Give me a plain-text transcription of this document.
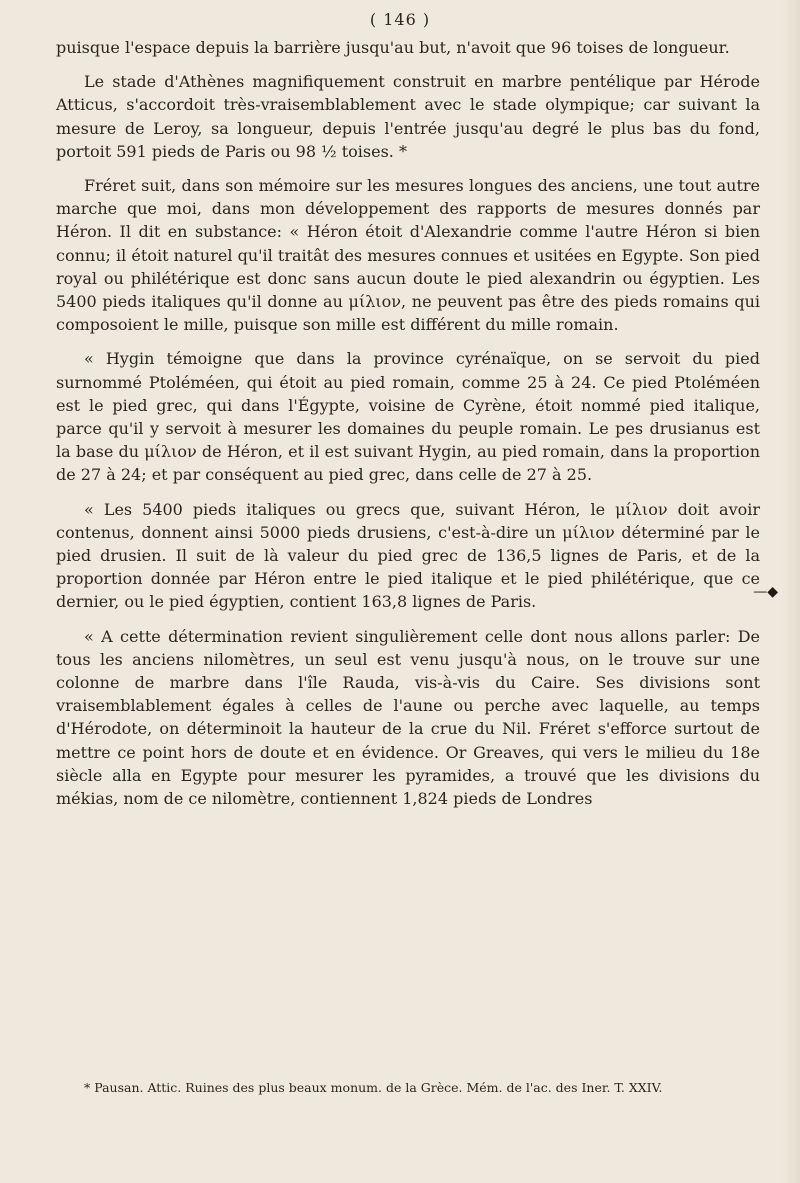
( 146 )

puisque l'espace depuis la barrière jusqu'au but, n'avoit que 96 toises de longueur.

Le stade d'Athènes magnifiquement construit en marbre pentélique par Hérode Atticus, s'accordoit très-vraisemblablement avec le stade olympique; car suivant la mesure de Leroy, sa longueur, depuis l'entrée jusqu'au degré le plus bas du fond, portoit 591 pieds de Paris ou 98 ½ toises. *

Fréret suit, dans son mémoire sur les mesures longues des anciens, une tout autre marche que moi, dans mon développement des rapports de mesures donnés par Héron. Il dit en substance: « Héron étoit d'Alexandrie comme l'autre Héron si bien connu; il étoit naturel qu'il traitât des mesures connues et usitées en Egypte. Son pied royal ou philétérique est donc sans aucun doute le pied alexandrin ou égyptien. Les 5400 pieds italiques qu'il donne au μίλιον, ne peuvent pas être des pieds romains qui composoient le mille, puisque son mille est différent du mille romain.

« Hygin témoigne que dans la province cyrénaïque, on se servoit du pied surnommé Ptoléméen, qui étoit au pied romain, comme 25 à 24. Ce pied Ptoléméen est le pied grec, qui dans l'Égypte, voisine de Cyrène, étoit nommé pied italique, parce qu'il y servoit à mesurer les domaines du peuple romain. Le pes drusianus est la base du μίλιον de Héron, et il est suivant Hygin, au pied romain, dans la proportion de 27 à 24; et par conséquent au pied grec, dans celle de 27 à 25.

« Les 5400 pieds italiques ou grecs que, suivant Héron, le μίλιον doit avoir contenus, donnent ainsi 5000 pieds drusiens, c'est-à-dire un μίλιον déterminé par le pied drusien. Il suit de là valeur du pied grec de 136,5 lignes de Paris, et de la proportion donnée par Héron entre le pied italique et le pied philétérique, que ce dernier, ou le pied égyptien, contient 163,8 lignes de Paris.

« A cette détermination revient singulièrement celle dont nous allons parler: De tous les anciens nilomètres, un seul est venu jusqu'à nous, on le trouve sur une colonne de marbre dans l'île Rauda, vis-à-vis du Caire. Ses divisions sont vraisemblablement égales à celles de l'aune ou perche avec laquelle, au temps d'Hérodote, on déterminoit la hauteur de la crue du Nil. Fréret s'efforce surtout de mettre ce point hors de doute et en évidence. Or Greaves, qui vers le milieu du 18e siècle alla en Egypte pour mesurer les pyramides, a trouvé que les divisions du mékias, nom de ce nilomètre, contiennent 1,824 pieds de Londres

—◆
* Pausan. Attic. Ruines des plus beaux monum. de la Grèce. Mém. de l'ac. des Iner. T. XXIV.
